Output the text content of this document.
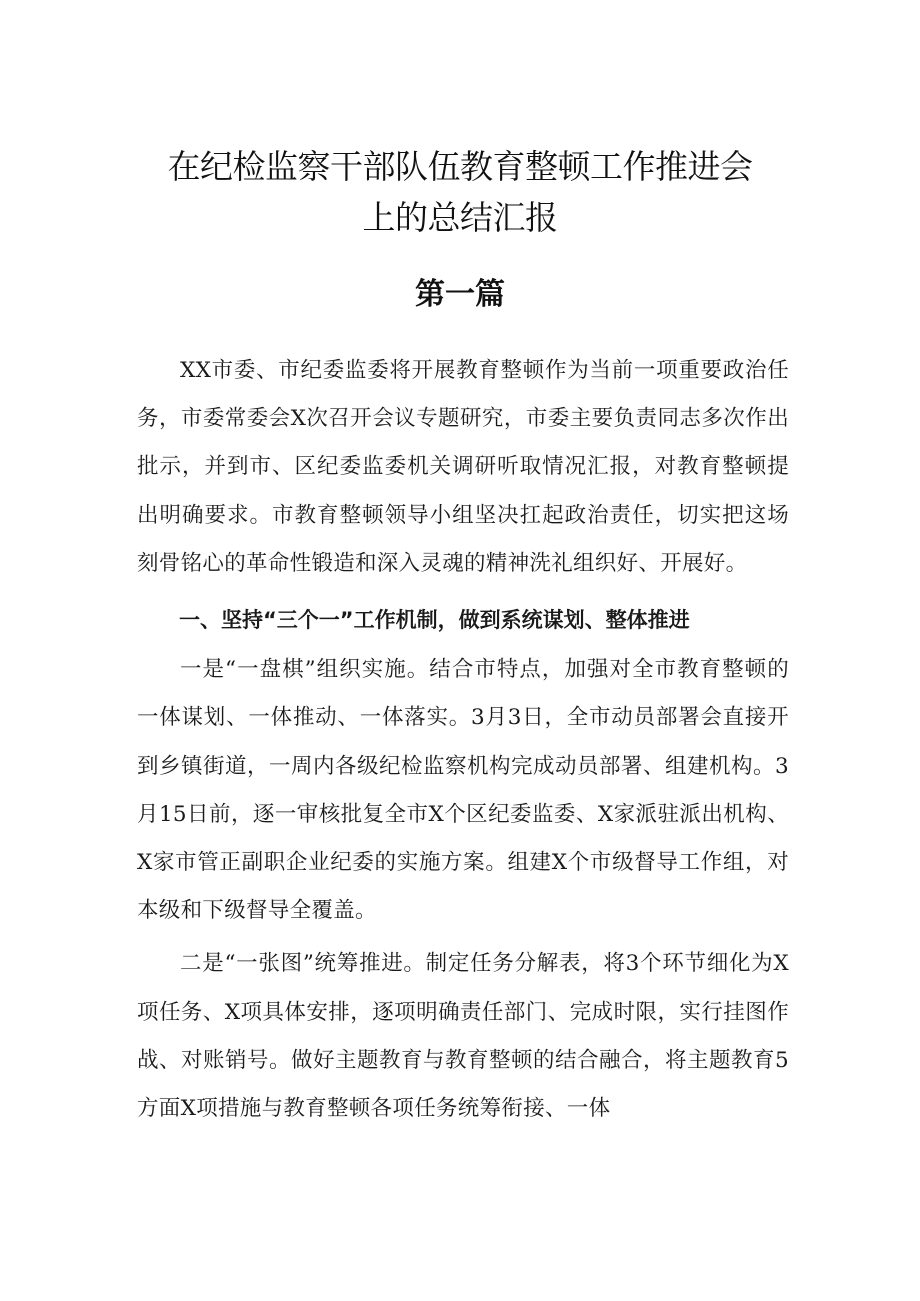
在纪检监察干部队伍教育整顿工作推进会
上的总结汇报
第一篇

XX市委、市纪委监委将开展教育整顿作为当前一项重要政治任务，市委常委会X次召开会议专题研究，市委主要负责同志多次作出批示，并到市、区纪委监委机关调研听取情况汇报，对教育整顿提出明确要求。市教育整顿领导小组坚决扛起政治责任，切实把这场刻骨铭心的革命性锻造和深入灵魂的精神洗礼组织好、开展好。

一、坚持“三个一”工作机制，做到系统谋划、整体推进

一是“一盘棋”组织实施。结合市特点，加强对全市教育整顿的一体谋划、一体推动、一体落实。3月3日，全市动员部署会直接开到乡镇街道，一周内各级纪检监察机构完成动员部署、组建机构。3月15日前，逐一审核批复全市X个区纪委监委、X家派驻派出机构、X家市管正副职企业纪委的实施方案。组建X个市级督导工作组，对本级和下级督导全覆盖。

二是“一张图”统筹推进。制定任务分解表，将3个环节细化为X项任务、X项具体安排，逐项明确责任部门、完成时限，实行挂图作战、对账销号。做好主题教育与教育整顿的结合融合，将主题教育5方面X项措施与教育整顿各项任务统筹衔接、一体
